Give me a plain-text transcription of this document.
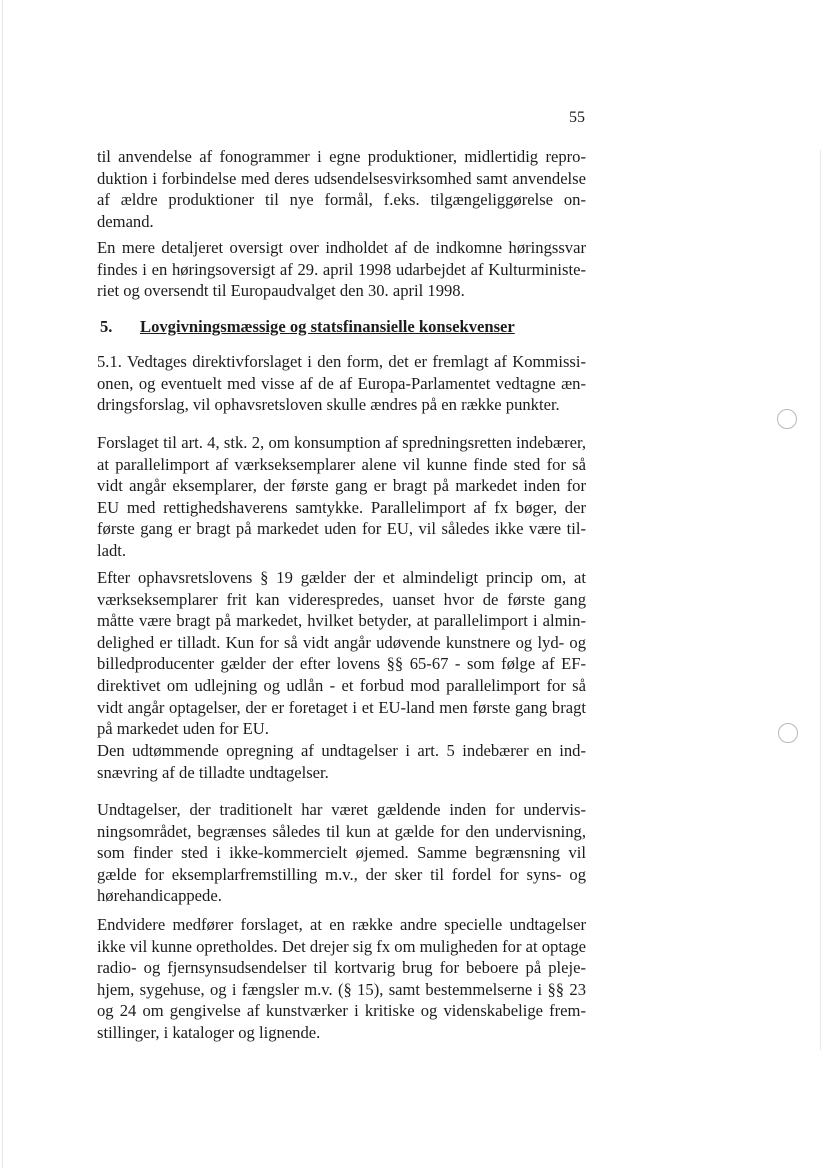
55

til anvendelse af fonogrammer i egne produktioner, midlertidig reproduktion i forbindelse med deres udsendelsesvirksomhed samt anvendelse af ældre produktioner til nye formål, f.eks. tilgængeliggørelse on-demand.

En mere detaljeret oversigt over indholdet af de indkomne høringssvar findes i en høringsoversigt af 29. april 1998 udarbejdet af Kulturministeriet og oversendt til Europaudvalget den 30. april 1998.

5. Lovgivningsmæssige og statsfinansielle konsekvenser

5.1. Vedtages direktivforslaget i den form, det er fremlagt af Kommissionen, og eventuelt med visse af de af Europa-Parlamentet vedtagne ændringsforslag, vil ophavsretsloven skulle ændres på en række punkter.

Forslaget til art. 4, stk. 2, om konsumption af spredningsretten indebærer, at parallelimport af værkseksemplarer alene vil kunne finde sted for så vidt angår eksemplarer, der første gang er bragt på markedet inden for EU med rettighedshaverens samtykke. Parallelimport af fx bøger, der første gang er bragt på markedet uden for EU, vil således ikke være tilladt.

Efter ophavsretslovens § 19 gælder der et almindeligt princip om, at værkseksemplarer frit kan viderespredes, uanset hvor de første gang måtte være bragt på markedet, hvilket betyder, at parallelimport i almindelighed er tilladt. Kun for så vidt angår udøvende kunstnere og lyd- og billedproducenter gælder der efter lovens §§ 65-67 - som følge af EF-direktivet om udlejning og udlån - et forbud mod parallelimport for så vidt angår optagelser, der er foretaget i et EU-land men første gang bragt på markedet uden for EU.

Den udtømmende opregning af undtagelser i art. 5 indebærer en indsnævring af de tilladte undtagelser.

Undtagelser, der traditionelt har været gældende inden for undervisningsområdet, begrænses således til kun at gælde for den undervisning, som finder sted i ikke-kommercielt øjemed. Samme begrænsning vil gælde for eksemplarfremstilling m.v., der sker til fordel for syns- og hørehandicappede.

Endvidere medfører forslaget, at en række andre specielle undtagelser ikke vil kunne opretholdes. Det drejer sig fx om muligheden for at optage radio- og fjernsynsudsendelser til kortvarig brug for beboere på plejehjem, sygehuse, og i fængsler m.v. (§ 15), samt bestemmelserne i §§ 23 og 24 om gengivelse af kunstværker i kritiske og videnskabelige fremstillinger, i kataloger og lignende.
